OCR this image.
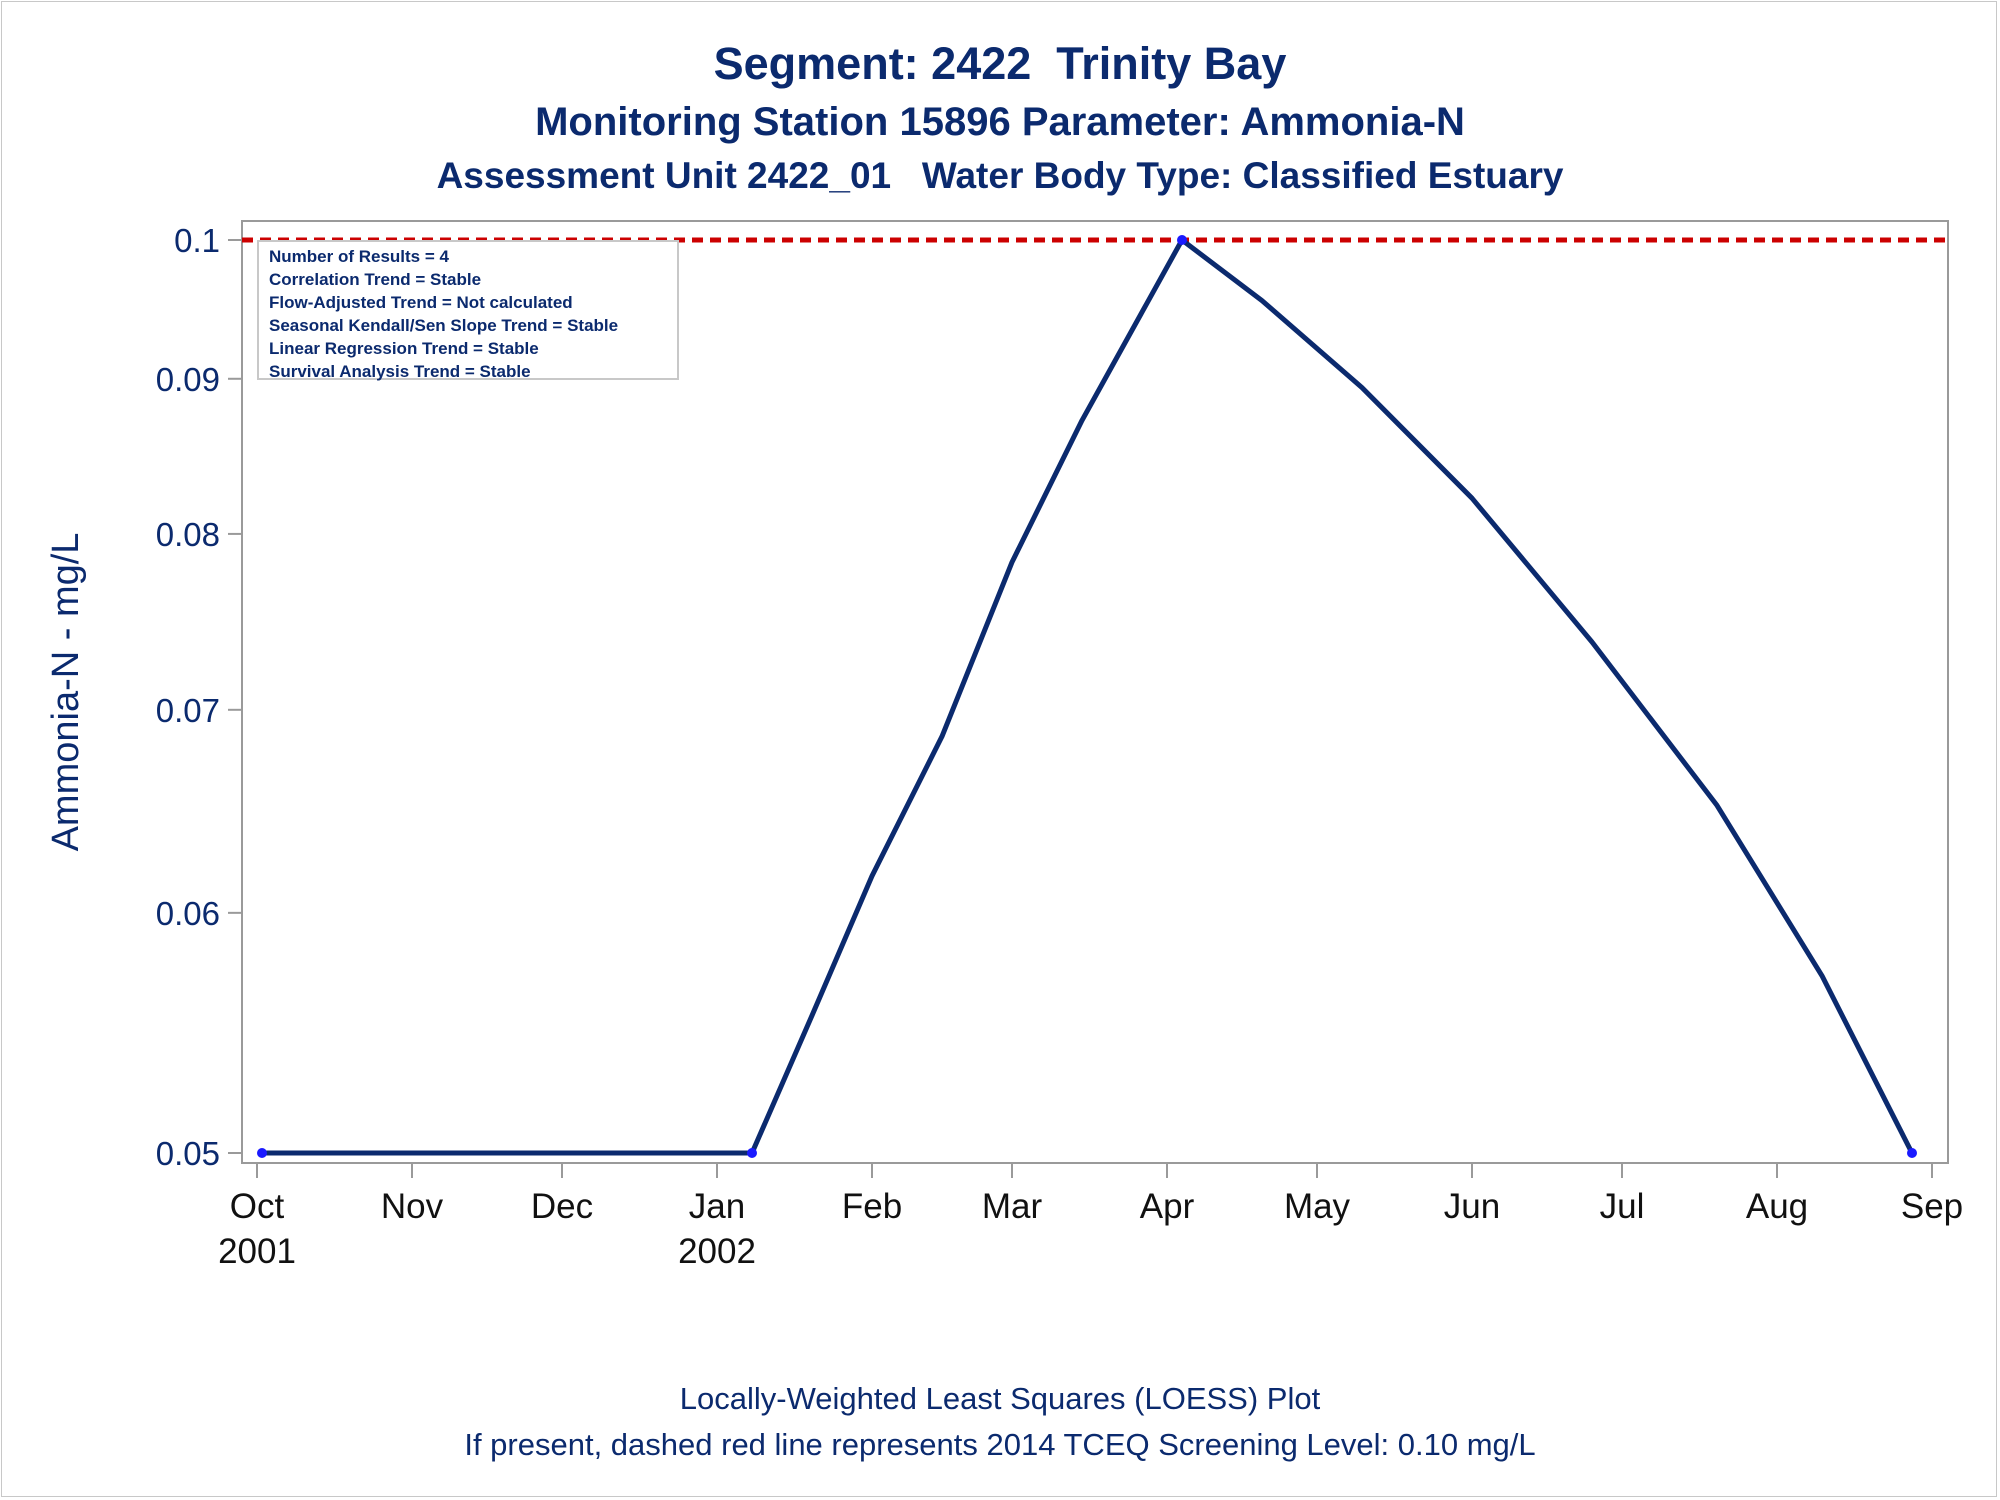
Segment: 2422  Trinity Bay
Monitoring Station 15896 Parameter: Ammonia-N
Assessment Unit 2422_01   Water Body Type: Classified Estuary
0.05
0.06
0.07
0.08
0.09
0.1
Ammonia-N - mg/L
Oct
2001
Nov	Dec	Jan
2002
Feb Mar	Apr	May	Jun	Jul	Aug	Sep
Number of Results = 4
Correlation Trend = Stable
Flow-Adjusted Trend = Not calculated
Seasonal Kendall/Sen Slope Trend = Stable
Linear Regression Trend = Stable
Survival Analysis Trend = Stable
Locally-Weighted Least Squares (LOESS) Plot
If present, dashed red line represents 2014 TCEQ Screening Level: 0.10 mg/L
